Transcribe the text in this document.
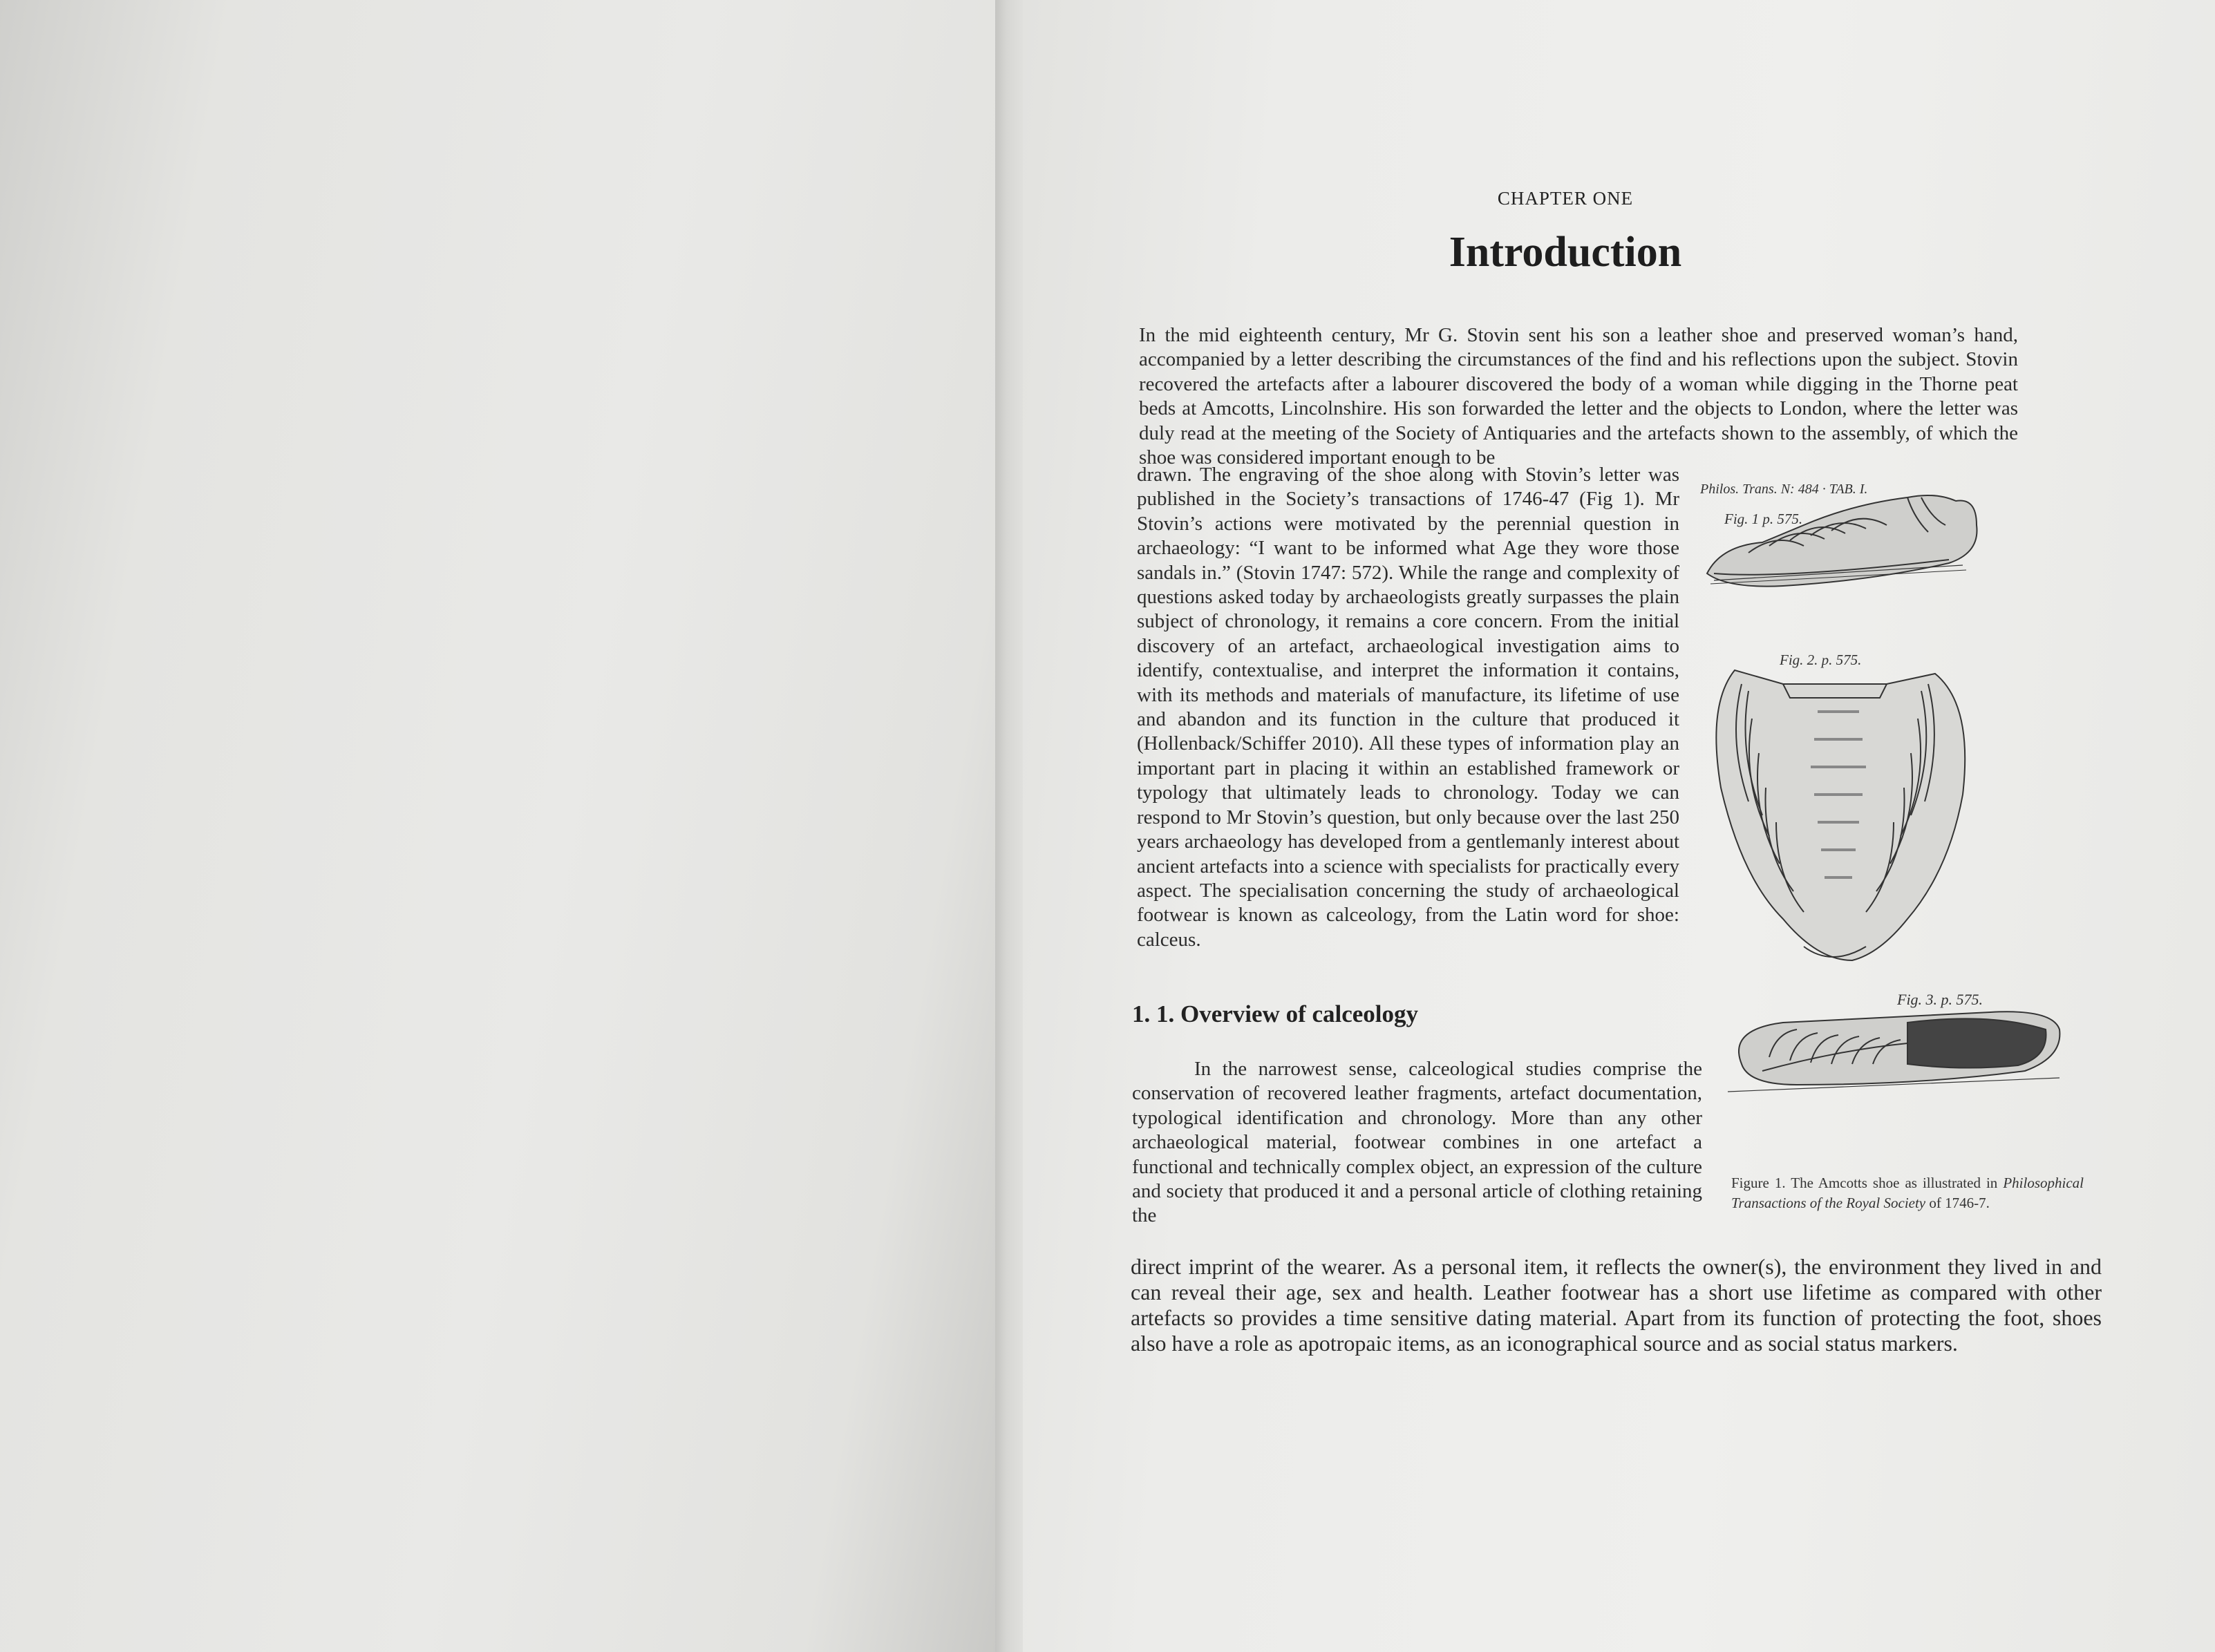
CHAPTER ONE
Introduction

In the mid eighteenth century, Mr G. Stovin sent his son a leather shoe and preserved woman’s hand, accompanied by a letter describing the circumstances of the find and his reflections upon the subject. Stovin recovered the artefacts after a labourer discovered the body of a woman while digging in the Thorne peat beds at Amcotts, Lincolnshire. His son forwarded the letter and the objects to London, where the letter was duly read at the meeting of the Society of Antiquaries and the artefacts shown to the assembly, of which the shoe was considered important enough to be

drawn. The engraving of the shoe along with Stovin’s letter was published in the Society’s transactions of 1746-47 (Fig 1). Mr Stovin’s actions were motivated by the perennial question in archaeology: “I want to be informed what Age they wore those sandals in.” (Stovin 1747: 572). While the range and complexity of questions asked today by archaeologists greatly surpasses the plain subject of chronology, it remains a core concern. From the initial discovery of an artefact, archaeological investigation aims to identify, contextualise, and interpret the information it contains, with its methods and materials of manufacture, its lifetime of use and abandon and its function in the culture that produced it (Hollenback/Schiffer 2010). All these types of information play an important part in placing it within an established framework or typology that ultimately leads to chronology. Today we can respond to Mr Stovin’s question, but only because over the last 250 years archaeology has developed from a gentlemanly interest about ancient artefacts into a science with specialists for practically every aspect. The specialisation concerning the study of archaeological footwear is known as calceology, from the Latin word for shoe: calceus.

1. 1. Overview of calceology

In the narrowest sense, calceological studies comprise the conservation of recovered leather fragments, artefact documentation, typological identification and chronology. More than any other archaeological material, footwear combines in one artefact a functional and technically complex object, an expression of the culture and society that produced it and a personal article of clothing retaining the

direct imprint of the wearer. As a personal item, it reflects the owner(s), the environment they lived in and can reveal their age, sex and health. Leather footwear has a short use lifetime as compared with other artefacts so provides a time sensitive dating material. Apart from its function of protecting the foot, shoes also have a role as apotropaic items, as an iconographical source and as social status markers.

Philos. Trans. N: 484 · TAB. I.
Fig. 1 p. 575.
Fig. 2. p. 575.
Fig. 3. p. 575.
Figure 1. The Amcotts shoe as illustrated in Philosophical Transactions of the Royal Society of 1746-7.
